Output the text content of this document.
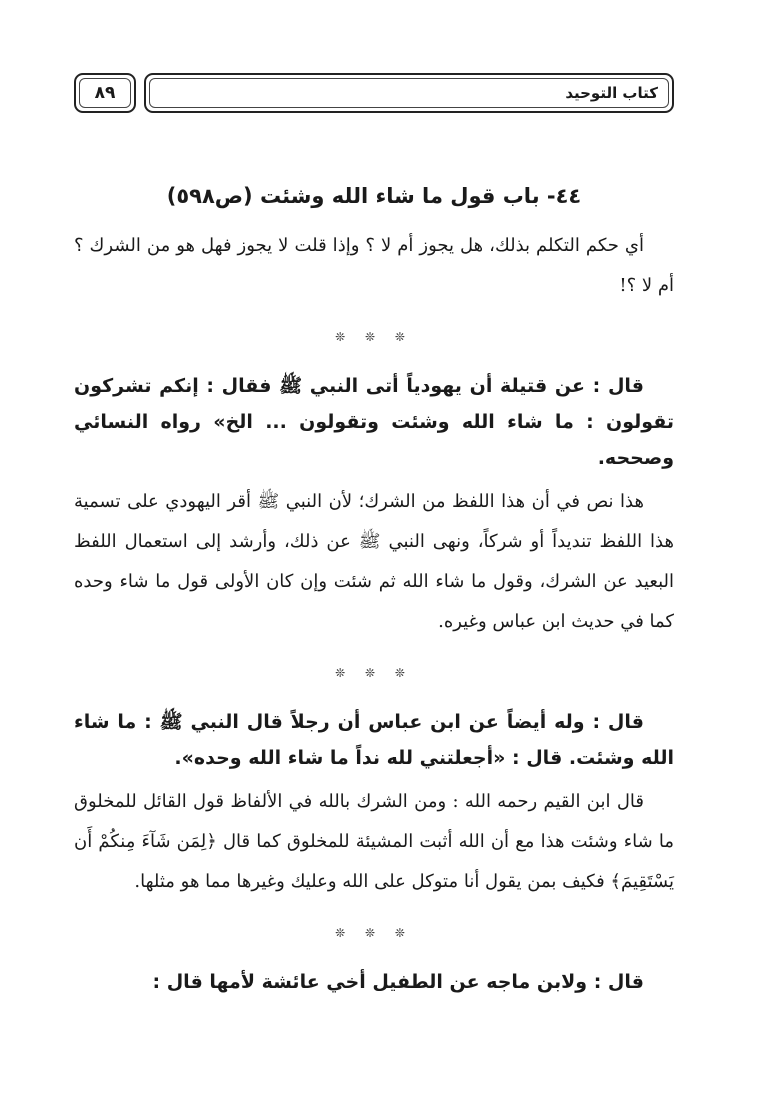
كتاب التوحيد
٨٩
٤٤- باب قول ما شاء الله وشئت (ص٥٩٨)

أي حكم التكلم بذلك، هل يجوز أم لا ؟ وإذا قلت لا يجوز فهل هو من الشرك ؟ أم لا ؟!

❊ ❊ ❊

قال : عن قتيلة أن يهودياً أتى النبي ﷺ فقال : إنكم تشركون تقولون : ما شاء الله وشئت وتقولون ... الخ» رواه النسائي وصححه.

هذا نص في أن هذا اللفظ من الشرك؛ لأن النبي ﷺ أقر اليهودي على تسمية هذا اللفظ تنديداً أو شركاً، ونهى النبي ﷺ عن ذلك، وأرشد إلى استعمال اللفظ البعيد عن الشرك، وقول ما شاء الله ثم شئت وإن كان الأولى قول ما شاء وحده كما في حديث ابن عباس وغيره.

❊ ❊ ❊

قال : وله أيضاً عن ابن عباس أن رجلاً قال النبي ﷺ : ما شاء الله وشئت. قال : «أجعلتني لله نداً ما شاء الله وحده».

قال ابن القيم رحمه الله : ومن الشرك بالله في الألفاظ قول القائل للمخلوق ما شاء وشئت هذا مع أن الله أثبت المشيئة للمخلوق كما قال ﴿لِمَن شَآءَ مِنكُمْ أَن يَسْتَقِيمَ﴾ فكيف بمن يقول أنا متوكل على الله وعليك وغيرها مما هو مثلها.

❊ ❊ ❊

قال : ولابن ماجه عن الطفيل أخي عائشة لأمها قال :
